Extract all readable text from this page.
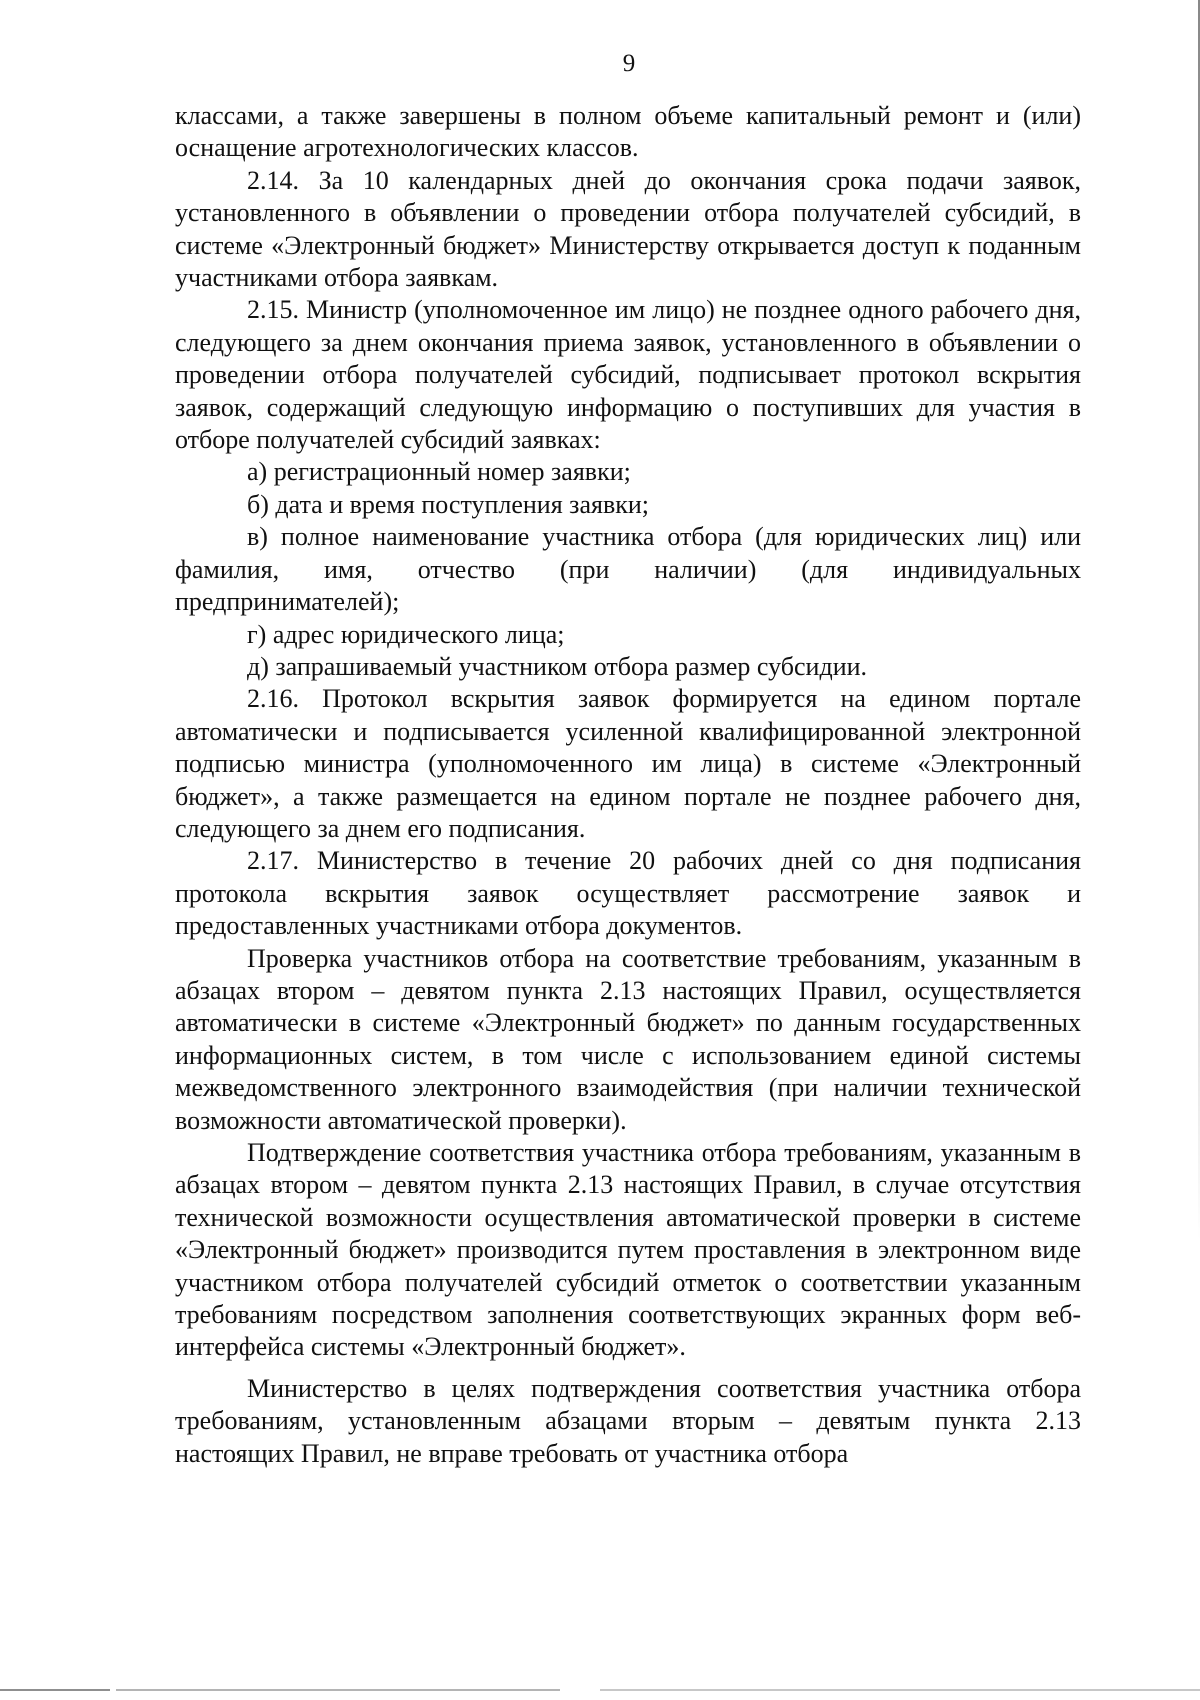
9

классами, а также завершены в полном объеме капитальный ремонт и (или) оснащение агротехнологических классов.

2.14. За 10 календарных дней до окончания срока подачи заявок, установленного в объявлении о проведении отбора получателей субсидий, в системе «Электронный бюджет» Министерству открывается доступ к поданным участниками отбора заявкам.

2.15. Министр (уполномоченное им лицо) не позднее одного рабочего дня, следующего за днем окончания приема заявок, установленного в объявлении о проведении отбора получателей субсидий, подписывает протокол вскрытия заявок, содержащий следующую информацию о поступивших для участия в отборе получателей субсидий заявках:

а) регистрационный номер заявки;

б) дата и время поступления заявки;

в) полное наименование участника отбора (для юридических лиц) или фамилия, имя, отчество (при наличии) (для индивидуальных предпринимателей);

г) адрес юридического лица;

д) запрашиваемый участником отбора размер субсидии.

2.16. Протокол вскрытия заявок формируется на едином портале автоматически и подписывается усиленной квалифицированной электронной подписью министра (уполномоченного им лица) в системе «Электронный бюджет», а также размещается на едином портале не позднее рабочего дня, следующего за днем его подписания.

2.17. Министерство в течение 20 рабочих дней со дня подписания протокола вскрытия заявок осуществляет рассмотрение заявок и предоставленных участниками отбора документов.

Проверка участников отбора на соответствие требованиям, указанным в абзацах втором – девятом пункта 2.13 настоящих Правил, осуществляется автоматически в системе «Электронный бюджет» по данным государственных информационных систем, в том числе с использованием единой системы межведомственного электронного взаимодействия (при наличии технической возможности автоматической проверки).

Подтверждение соответствия участника отбора требованиям, указанным в абзацах втором – девятом пункта 2.13 настоящих Правил, в случае отсутствия технической возможности осуществления автоматической проверки в системе «Электронный бюджет» производится путем проставления в электронном виде участником отбора получателей субсидий отметок о соответствии указанным требованиям посредством заполнения соответствующих экранных форм веб-интерфейса системы «Электронный бюджет».

Министерство в целях подтверждения соответствия участника отбора требованиям, установленным абзацами вторым – девятым пункта 2.13 настоящих Правил, не вправе требовать от участника отбора
